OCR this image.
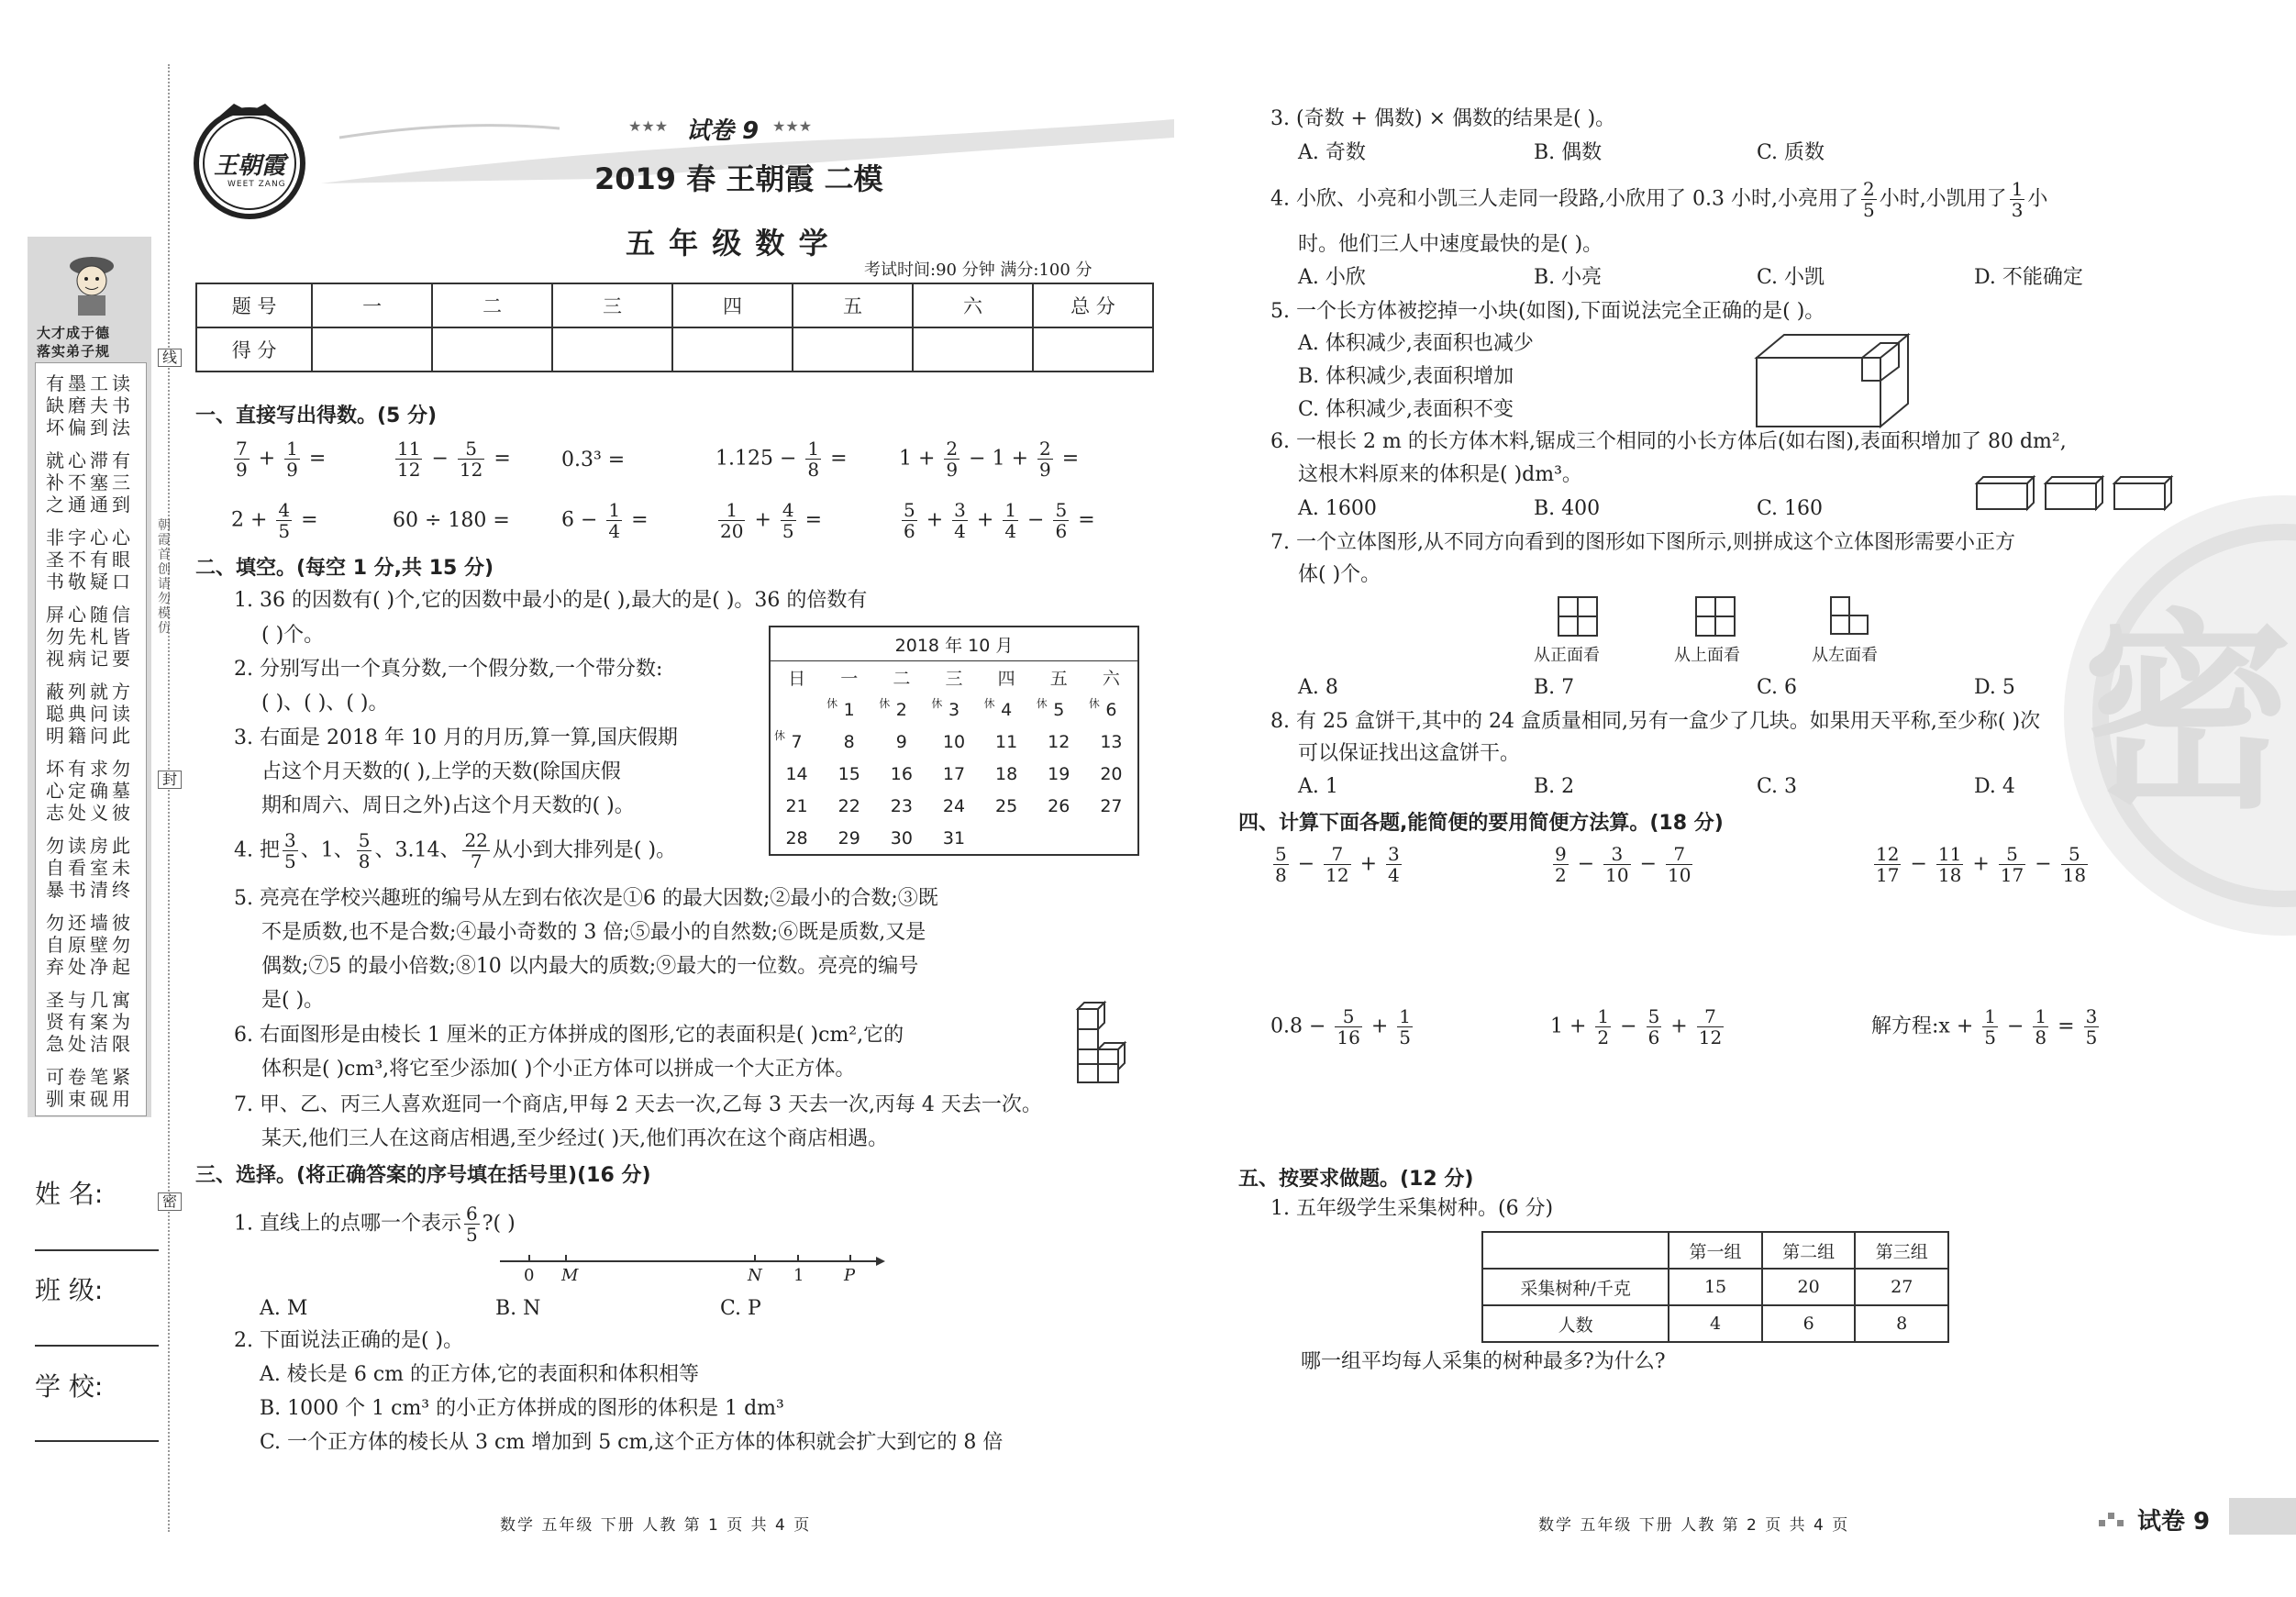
大才成于德
落实弟子规
有墨工读
缺磨夫书
坏偏到法
就心滞有
补不塞三
之通通到
非字心心
圣不有眼
书敬疑口
屏心随信
勿先札皆
视病记要
蔽列就方
聪典问读
明籍问此
坏有求勿
心定确墓
志处义彼
勿读房此
自看室未
暴书清终
勿还墙彼
自原壁勿
弃处净起
圣与几寓
贤有案为
急处洁限
可卷笔紧
驯束砚用
线
封
密
朝霞首创 请勿模仿
姓 名:
班 级:
学 校:
王朝霞
WEET ZANG
★★★ 试卷 9 ★★★
2019 春 王朝霞 二模
五 年 级 数 学
考试时间:90 分钟 满分:100 分
题 号	一	二	三	四	五	六	总 分
得 分							
一、直接写出得数。(5 分)
$\frac{7}{9} + \frac{1}{9}$ =	$\frac{11}{12} - \frac{5}{12}$ =	0.3³ =	$1.125 - \frac{1}{8}$ =	$1 + \frac{2}{9} - 1 + \frac{2}{9}$ =
$2 + \frac{4}{5}$ =	60 ÷ 180 =	$6 - \frac{1}{4}$ =	$\frac{1}{20} + \frac{4}{5}$ =	$\frac{5}{6} + \frac{3}{4} + \frac{1}{4} - \frac{5}{6}$ =
二、填空。(每空 1 分,共 15 分)
1. 36 的因数有( )个,它的因数中最小的是( ),最大的是( )。36 的倍数有
( )个。
2. 分别写出一个真分数,一个假分数,一个带分数:
( )、( )、( )。
3. 右面是 2018 年 10 月的月历,算一算,国庆假期
占这个月天数的( ),上学的天数(除国庆假
期和周六、周日之外)占这个月天数的( )。
2018 年 10 月						
日	一	二	三	四	五	六

	休 1	休 2	休 3	休 4	休 5	休 6

休 7	8	9	10	11	12	13
14	15	16	17	18	19	20
21	22	23	24	25	26	27
28	29	30	31			
4. 把 $\frac{3}{5}$ 、1、 $\frac{5}{8}$ 、3.14、 $\frac{22}{7}$ 从小到大排列是( )。
5. 亮亮在学校兴趣班的编号从左到右依次是①6 的最大因数;②最小的合数;③既
不是质数,也不是合数;④最小奇数的 3 倍;⑤最小的自然数;⑥既是质数,又是
偶数;⑦5 的最小倍数;⑧10 以内最大的质数;⑨最大的一位数。亮亮的编号
是( )。
6. 右面图形是由棱长 1 厘米的正方体拼成的图形,它的表面积是( )cm²,它的
体积是( )cm³,将它至少添加( )个小正方体可以拼成一个大正方体。
7. 甲、乙、丙三人喜欢逛同一个商店,甲每 2 天去一次,乙每 3 天去一次,丙每 4 天去一次。
某天,他们三人在这商店相遇,至少经过( )天,他们再次在这个商店相遇。
三、选择。(将正确答案的序号填在括号里)(16 分)
1. 直线上的点哪一个表示 $\frac{6}{5}$ ?( )
0 M	N 1 P
A. M	B. N	C. P
2. 下面说法正确的是( )。
A. 棱长是 6 cm 的正方体,它的表面积和体积相等
B. 1000 个 1 cm³ 的小正方体拼成的图形的体积是 1 dm³
C. 一个正方体的棱长从 3 cm 增加到 5 cm,这个正方体的体积就会扩大到它的 8 倍
数学 五年级 下册 人教 第 1 页 共 4 页
密
3. (奇数 + 偶数) × 偶数的结果是( )。
A. 奇数	B. 偶数	C. 质数
4. 小欣、小亮和小凯三人走同一段路,小欣用了 0.3 小时,小亮用了 $\frac{2}{5}$ 小时,小凯用了 $\frac{1}{3}$ 小
时。他们三人中速度最快的是( )。
A. 小欣	B. 小亮	C. 小凯	D. 不能确定
5. 一个长方体被挖掉一小块(如图),下面说法完全正确的是( )。
A. 体积减少,表面积也减少
B. 体积减少,表面积增加
C. 体积减少,表面积不变
6. 一根长 2 m 的长方体木料,锯成三个相同的小长方体后(如右图),表面积增加了 80 dm²,
这根木料原来的体积是( )dm³。
A. 1600	B. 400	C. 160
7. 一个立体图形,从不同方向看到的图形如下图所示,则拼成这个立体图形需要小正方
体( )个。
从正面看	从上面看	从左面看
A. 8	B. 7	C. 6	D. 5
8. 有 25 盒饼干,其中的 24 盒质量相同,另有一盒少了几块。如果用天平称,至少称( )次
可以保证找出这盒饼干。
A. 1	B. 2	C. 3	D. 4
四、计算下面各题,能简便的要用简便方法算。(18 分)
$\frac{5}{8} - \frac{7}{12} + \frac{3}{4}$	$\frac{9}{2} - \frac{3}{10} - \frac{7}{10}$	$\frac{12}{17} - \frac{11}{18} + \frac{5}{17} - \frac{5}{18}$
$0.8 - \frac{5}{16} + \frac{1}{5}$	$1 + \frac{1}{2} - \frac{5}{6} + \frac{7}{12}$	解方程:x + $\frac{1}{5} - \frac{1}{8} = \frac{3}{5}$
五、按要求做题。(12 分)
1. 五年级学生采集树种。(6 分)
	第一组	第二组	第三组
采集树种/千克	15	20	27
人数	4	6	8
哪一组平均每人采集的树种最多?为什么?
数学 五年级 下册 人教 第 2 页 共 4 页	试卷 9
